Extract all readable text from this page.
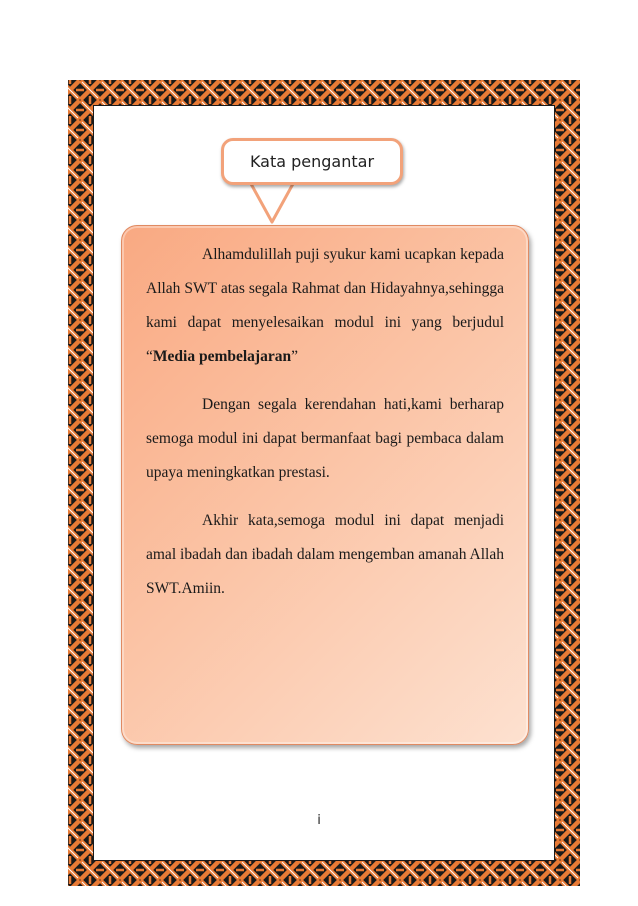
Kata pengantar

Alhamdulillah puji syukur kami ucapkan kepada Allah SWT atas segala Rahmat dan Hidayahnya,sehingga kami dapat menyelesaikan modul ini yang berjudul “Media pembelajaran”

Dengan segala kerendahan hati,kami berharap semoga modul ini dapat bermanfaat bagi pembaca dalam upaya meningkatkan prestasi.

Akhir kata,semoga modul ini dapat menjadi amal ibadah dan ibadah dalam mengemban amanah Allah SWT.Amiin.

i
